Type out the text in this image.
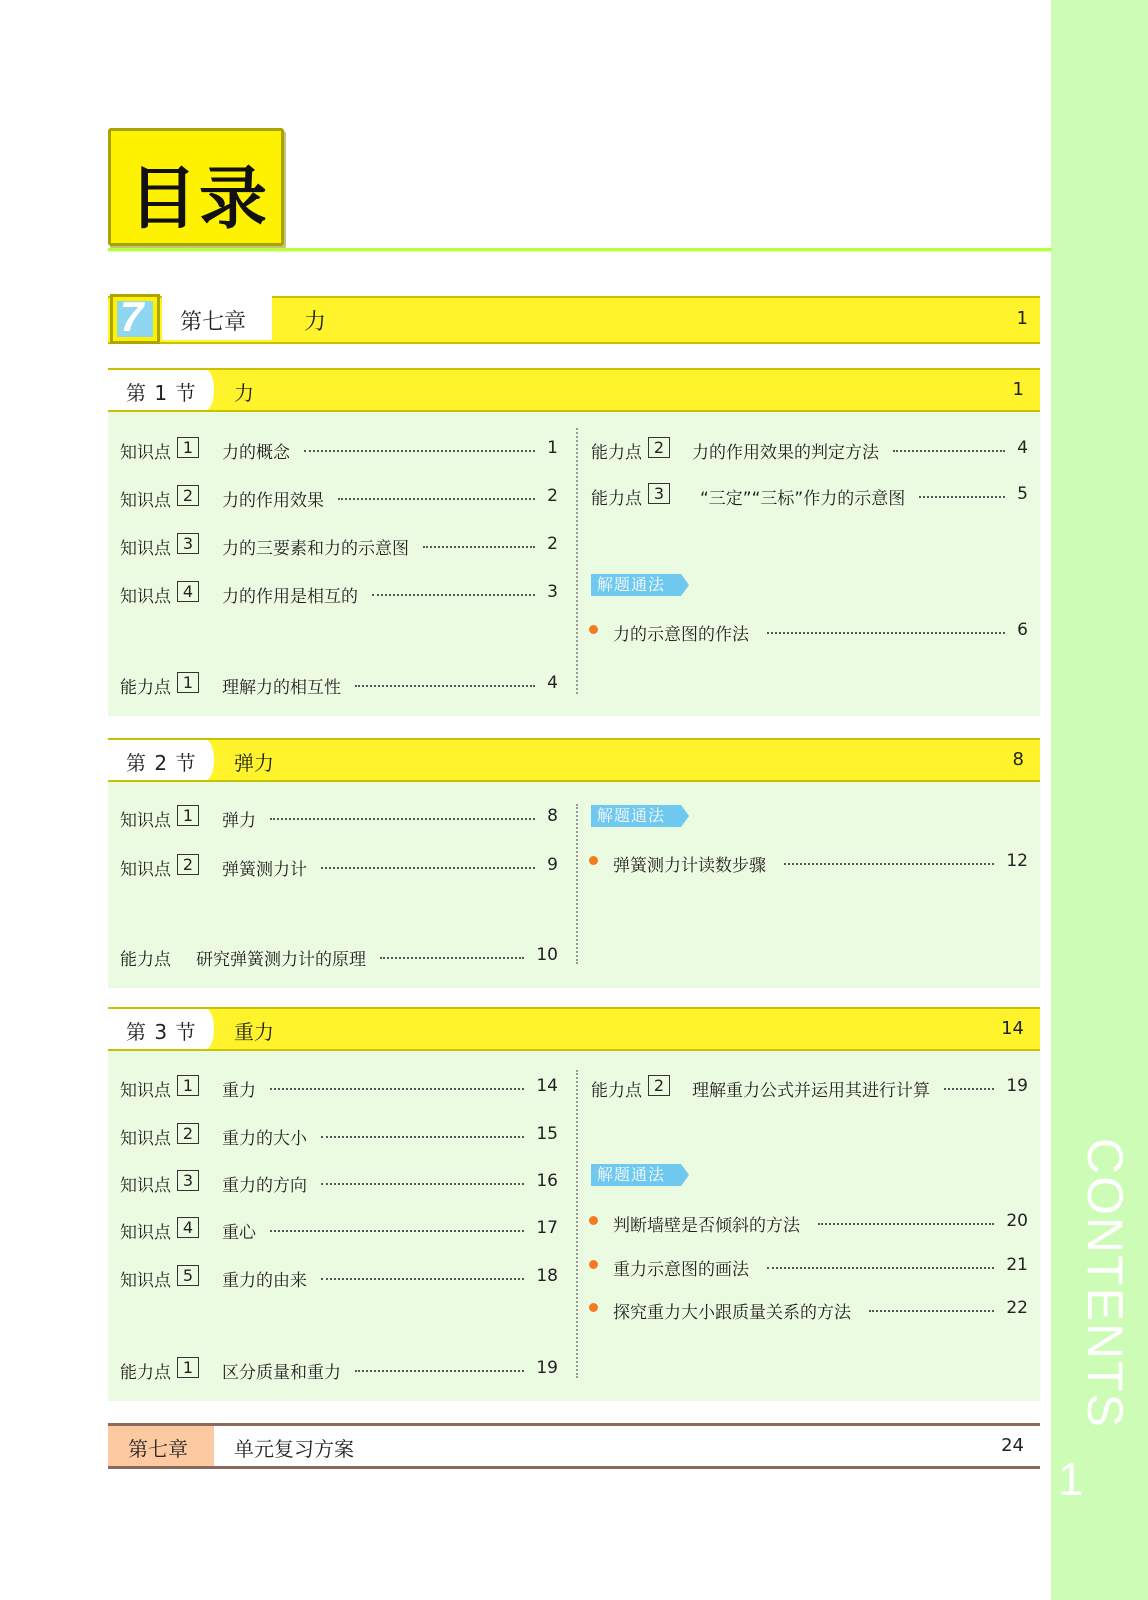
CONTENTS
1
目录
7 第七章	力	1
第 1 节 力	1
知识点 1	力的概念	1
知识点 2	力的作用效果	2
知识点 3	力的三要素和力的示意图	2
知识点 4	力的作用是相互的	3
能力点 1	理解力的相互性	4
能力点 2	力的作用效果的判定方法	4
能力点 3	“三定”“三标”作力的示意图	5
解题通法
力的示意图的作法	6
第 2 节 弹力	8
知识点 1	弹力	8
知识点 2	弹簧测力计	9
能力点 研究弹簧测力计的原理	10
解题通法
弹簧测力计读数步骤	12
第 3 节 重力	14
知识点 1	重力	14
知识点 2	重力的大小	15
知识点 3	重力的方向	16
知识点 4	重心	17
知识点 5	重力的由来	18
能力点 1	区分质量和重力	19
能力点 2	理解重力公式并运用其进行计算	19
解题通法
判断墙壁是否倾斜的方法	20
重力示意图的画法	21
探究重力大小跟质量关系的方法	22
第七章 单元复习方案	24
